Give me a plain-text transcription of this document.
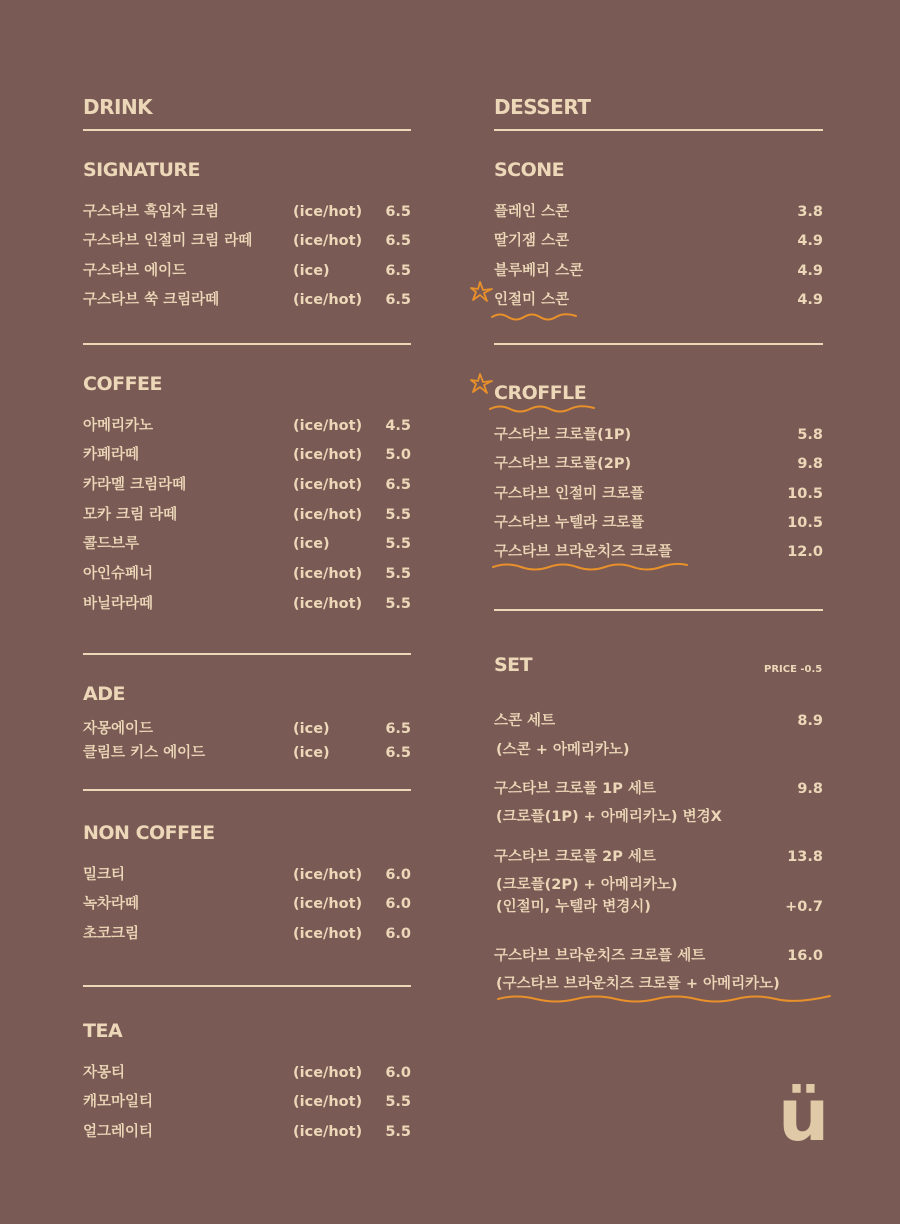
DRINK
SIGNATURE
구스타브 흑임자 크림	(ice/hot) 6.5
구스타브 인절미 크림 라떼	(ice/hot) 6.5
구스타브 에이드	(ice)	6.5
구스타브 쑥 크림라떼	(ice/hot) 6.5
COFFEE
아메리카노	(ice/hot) 4.5
카페라떼	(ice/hot) 5.0
카라멜 크림라떼	(ice/hot) 6.5
모카 크림 라떼	(ice/hot) 5.5
콜드브루	(ice)	5.5
아인슈페너	(ice/hot) 5.5
바닐라라떼	(ice/hot) 5.5
ADE
자몽에이드	(ice)	6.5
클림트 키스 에이드	(ice)	6.5
NON COFFEE
밀크티	(ice/hot) 6.0
녹차라떼	(ice/hot) 6.0
초코크림	(ice/hot) 6.0
TEA
자몽티	(ice/hot) 6.0
캐모마일티	(ice/hot) 5.5
얼그레이티	(ice/hot) 5.5
DESSERT
SCONE
플레인 스콘	3.8
딸기잼 스콘	4.9
블루베리 스콘	4.9
인절미 스콘	4.9
CROFFLE
구스타브 크로플(1P)	5.8
구스타브 크로플(2P)	9.8
구스타브 인절미 크로플	10.5
구스타브 누텔라 크로플	10.5
구스타브 브라운치즈 크로플	12.0
SET	PRICE -0.5
스콘 세트	8.9
(스콘 + 아메리카노)
구스타브 크로플 1P 세트	9.8
(크로플(1P) + 아메리카노) 변경X
구스타브 크로플 2P 세트	13.8
(크로플(2P) + 아메리카노)
(인절미, 누텔라 변경시)	+0.7
구스타브 브라운치즈 크로플 세트	16.0
(구스타브 브라운치즈 크로플 + 아메리카노)
ü
